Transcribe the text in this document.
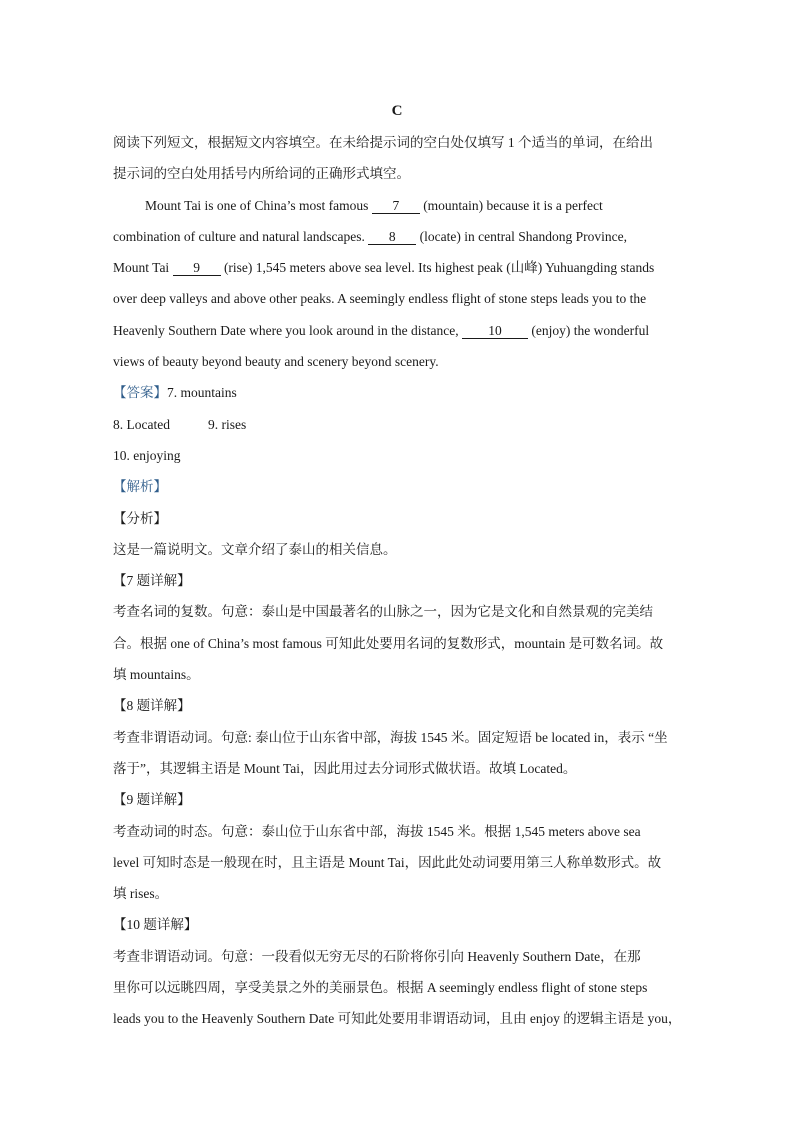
C
阅读下列短文，根据短文内容填空。在未给提示词的空白处仅填写 1 个适当的单词，在给出
提示词的空白处用括号内所给词的正确形式填空。
Mount Tai is one of China’s most famous 7 (mountain) because it is a perfect
combination of culture and natural landscapes. 8 (locate) in central Shandong Province,
Mount Tai 9 (rise) 1,545 meters above sea level. Its highest peak (山峰) Yuhuangding stands
over deep valleys and above other peaks. A seemingly endless flight of stone steps leads you to the
Heavenly Southern Date where you look around in the distance, 10 (enjoy) the wonderful
views of beauty beyond beauty and scenery beyond scenery.
【答案】7. mountains
8. Located	9. rises
10. enjoying
【解析】
【分析】
这是一篇说明文。文章介绍了泰山的相关信息。
【7 题详解】
考查名词的复数。句意：泰山是中国最著名的山脉之一，因为它是文化和自然景观的完美结
合。根据 one of China’s most famous 可知此处要用名词的复数形式，mountain 是可数名词。故
填 mountains。
【8 题详解】
考查非谓语动词。句意: 泰山位于山东省中部，海拔 1545 米。固定短语 be located in，表示 “坐
落于”，其逻辑主语是 Mount Tai，因此用过去分词形式做状语。故填 Located。
【9 题详解】
考查动词的时态。句意：泰山位于山东省中部，海拔 1545 米。根据 1,545 meters above sea
level 可知时态是一般现在时，且主语是 Mount Tai，因此此处动词要用第三人称单数形式。故
填 rises。
【10 题详解】
考查非谓语动词。句意：一段看似无穷无尽的石阶将你引向 Heavenly Southern Date，在那
里你可以远眺四周，享受美景之外的美丽景色。根据 A seemingly endless flight of stone steps
leads you to the Heavenly Southern Date 可知此处要用非谓语动词，且由 enjoy 的逻辑主语是 you，
